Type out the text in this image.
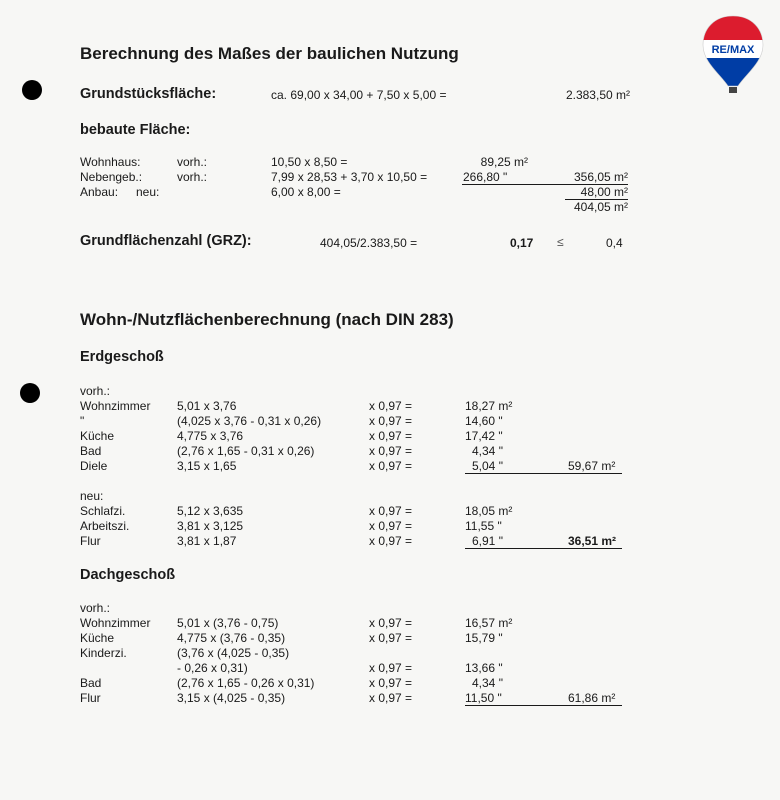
RE/MAX
Berechnung des Maßes der baulichen Nutzung
Grundstücksfläche:	ca. 69,00 x 34,00 + 7,50 x 5,00 =	2.383,50 m²
bebaute Fläche:
Wohnhaus:	vorh.:	10,50 x 8,50 =	89,25 m²
Nebengeb.:	vorh.:	7,99 x 28,53 + 3,70 x 10,50 =	266,80 "	356,05 m²
Anbau: neu:	6,00 x 8,00 =	48,00 m²
404,05 m²
Grundflächenzahl (GRZ):	404,05/2.383,50 =	0,17 ≤	0,4
Wohn-/Nutzflächenberechnung (nach DIN 283)
Erdgeschoß
vorh.:
Wohnzimmer 5,01 x 3,76	x 0,97 =	18,27 m²
"	(4,025 x 3,76 - 0,31 x 0,26)	x 0,97 =	14,60 "
Küche	4,775 x 3,76	x 0,97 =	17,42 "
Bad	(2,76 x 1,65 - 0,31 x 0,26)	x 0,97 =	4,34 "
Diele	3,15 x 1,65	x 0,97 =	5,04 "	59,67 m²
neu:
Schlafzi.	5,12 x 3,635	x 0,97 =	18,05 m²
Arbeitszi.	3,81 x 3,125	x 0,97 =	11,55 "
Flur	3,81 x 1,87	x 0,97 =	6,91 "	36,51 m²
Dachgeschoß
vorh.:
Wohnzimmer 5,01 x (3,76 - 0,75)	x 0,97 =	16,57 m²
Küche	4,775 x (3,76 - 0,35)	x 0,97 =	15,79 "
Kinderzi.	(3,76 x (4,025 - 0,35)
- 0,26 x 0,31)	x 0,97 =	13,66 "
Bad	(2,76 x 1,65 - 0,26 x 0,31)	x 0,97 =	4,34 "
Flur	3,15 x (4,025 - 0,35)	x 0,97 =	11,50 "	61,86 m²
